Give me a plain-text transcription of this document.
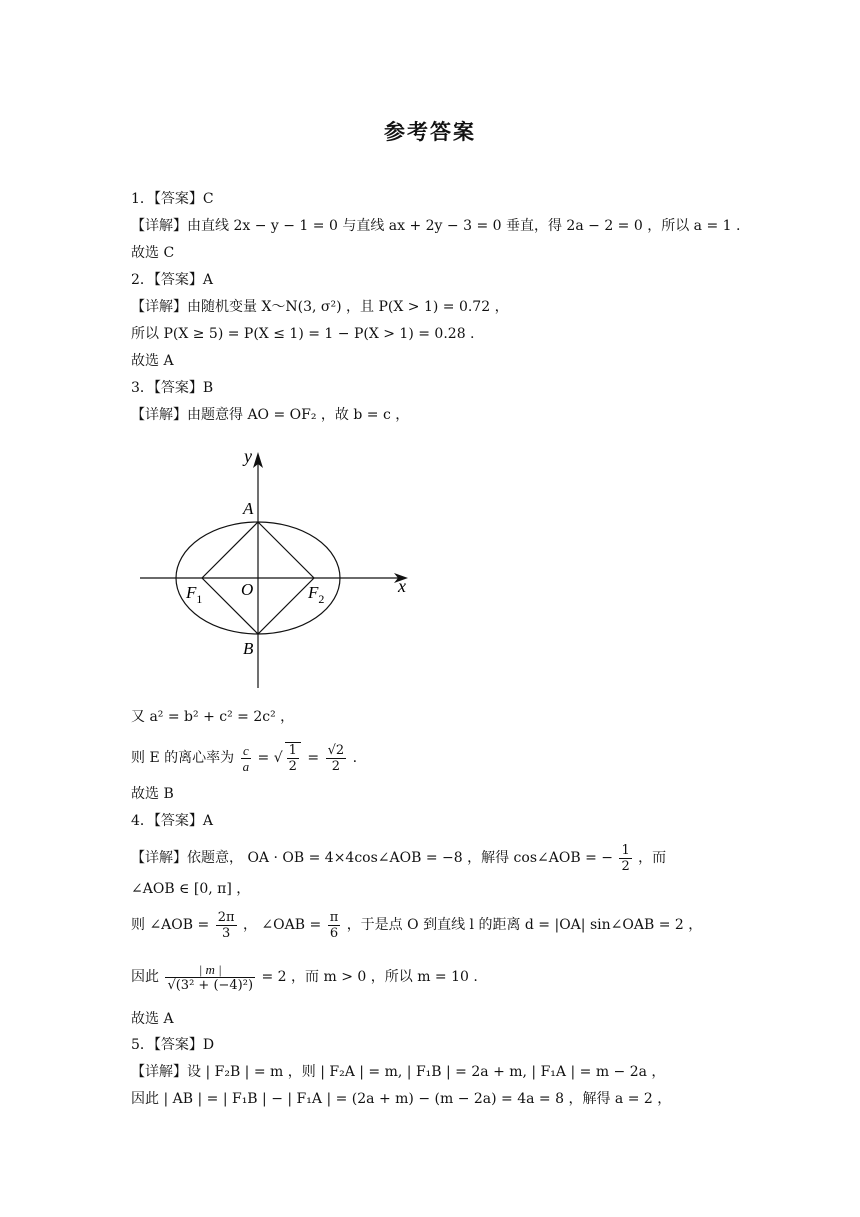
参考答案
1．【答案】C
【详解】由直线 2x − y − 1 = 0 与直线 ax + 2y − 3 = 0 垂直，得 2a − 2 = 0 ，所以 a = 1 .
故选 C
2．【答案】A
【详解】由随机变量 X～N(3, σ²) ，且 P(X > 1) = 0.72 ，
所以 P(X ≥ 5) = P(X ≤ 1) = 1 − P(X > 1) = 0.28 .
故选 A
3．【答案】B
【详解】由题意得 AO = OF₂ ，故 b = c ，
y
x
A
B
O
$F_1$	$F_2$
又 a² = b² + c² = 2c² ，
则 E 的离心率为 $\frac{c}{a}$ = √ $\frac{1}{2} = \frac{√2}{2}$ .
故选 B
4．【答案】A
【详解】依题意， OA · OB = 4×4cos∠AOB = −8 ，解得 cos∠AOB = − $\frac{1}{2}$ ，而
∠AOB ∈ [0, π] ，
则 ∠AOB = $\frac{2\pi}{3}$ ， ∠OAB = $\frac{\pi}{6}$ ，于是点 O 到直线 l 的距离 d = |OA| sin∠OAB = 2 ，
因此 $\frac{| m |}{\text{√(3² + (−4)²)}} = 2$ ，而 m > 0 ，所以 m = 10 .
故选 A
5．【答案】D
【详解】设 | F₂B | = m ，则 | F₂A | = m, | F₁B | = 2a + m, | F₁A | = m − 2a ，
因此 | AB | = | F₁B | − | F₁A | = (2a + m) − (m − 2a) = 4a = 8 ，解得 a = 2 ，
